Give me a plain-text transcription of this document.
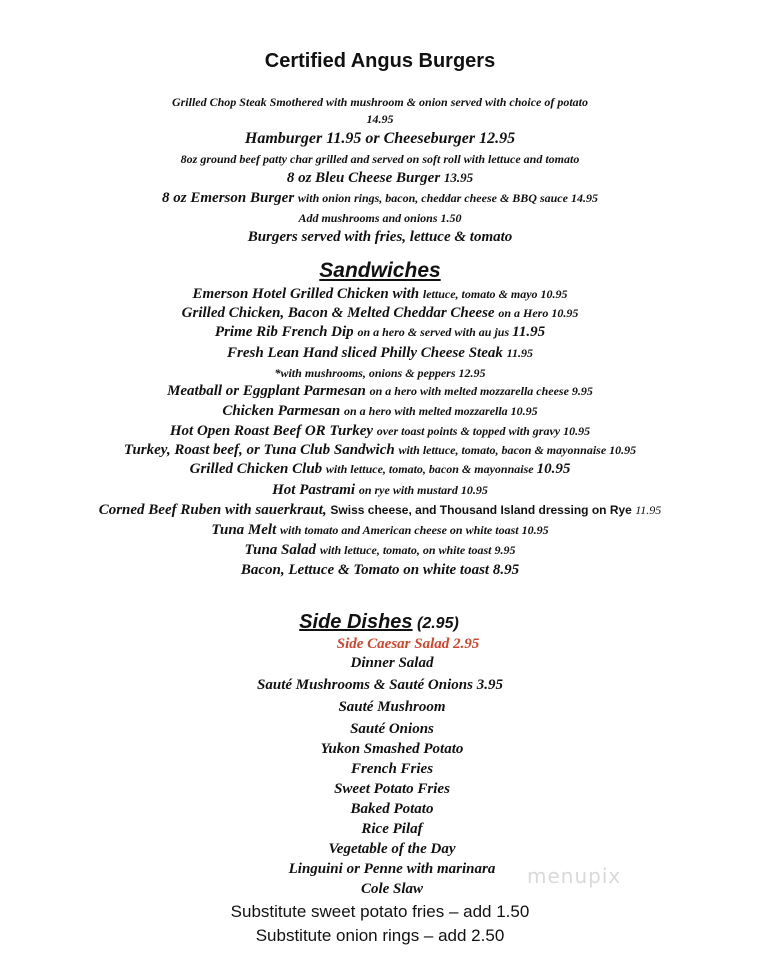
Certified Angus Burgers
Grilled Chop Steak Smothered with mushroom & onion served with choice of potato
14.95
Hamburger 11.95 or Cheeseburger 12.95
8oz ground beef patty char grilled and served on soft roll with lettuce and tomato
8 oz Bleu Cheese Burger 13.95
8 oz Emerson Burger with onion rings, bacon, cheddar cheese & BBQ sauce 14.95
Add mushrooms and onions 1.50
Burgers served with fries, lettuce & tomato
Sandwiches
Emerson Hotel Grilled Chicken with lettuce, tomato & mayo 10.95
Grilled Chicken, Bacon & Melted Cheddar Cheese on a Hero 10.95
Prime Rib French Dip on a hero & served with au jus 11.95
Fresh Lean Hand sliced Philly Cheese Steak 11.95
*with mushrooms, onions & peppers 12.95
Meatball or Eggplant Parmesan on a hero with melted mozzarella cheese 9.95
Chicken Parmesan on a hero with melted mozzarella 10.95
Hot Open Roast Beef OR Turkey over toast points & topped with gravy 10.95
Turkey, Roast beef, or Tuna Club Sandwich with lettuce, tomato, bacon & mayonnaise 10.95
Grilled Chicken Club with lettuce, tomato, bacon & mayonnaise 10.95
Hot Pastrami on rye with mustard 10.95
Corned Beef Ruben with sauerkraut, Swiss cheese, and Thousand Island dressing on Rye 11.95
Tuna Melt with tomato and American cheese on white toast 10.95
Tuna Salad with lettuce, tomato, on white toast 9.95
Bacon, Lettuce & Tomato on white toast 8.95
Side Dishes (2.95)
Side Caesar Salad 2.95
Dinner Salad
Sauté Mushrooms & Sauté Onions 3.95
Sauté Mushroom
Sauté Onions
Yukon Smashed Potato
French Fries
Sweet Potato Fries
Baked Potato
Rice Pilaf
Vegetable of the Day
Linguini or Penne with marinara
Cole Slaw
Substitute sweet potato fries – add 1.50
Substitute onion rings – add 2.50
menupix
